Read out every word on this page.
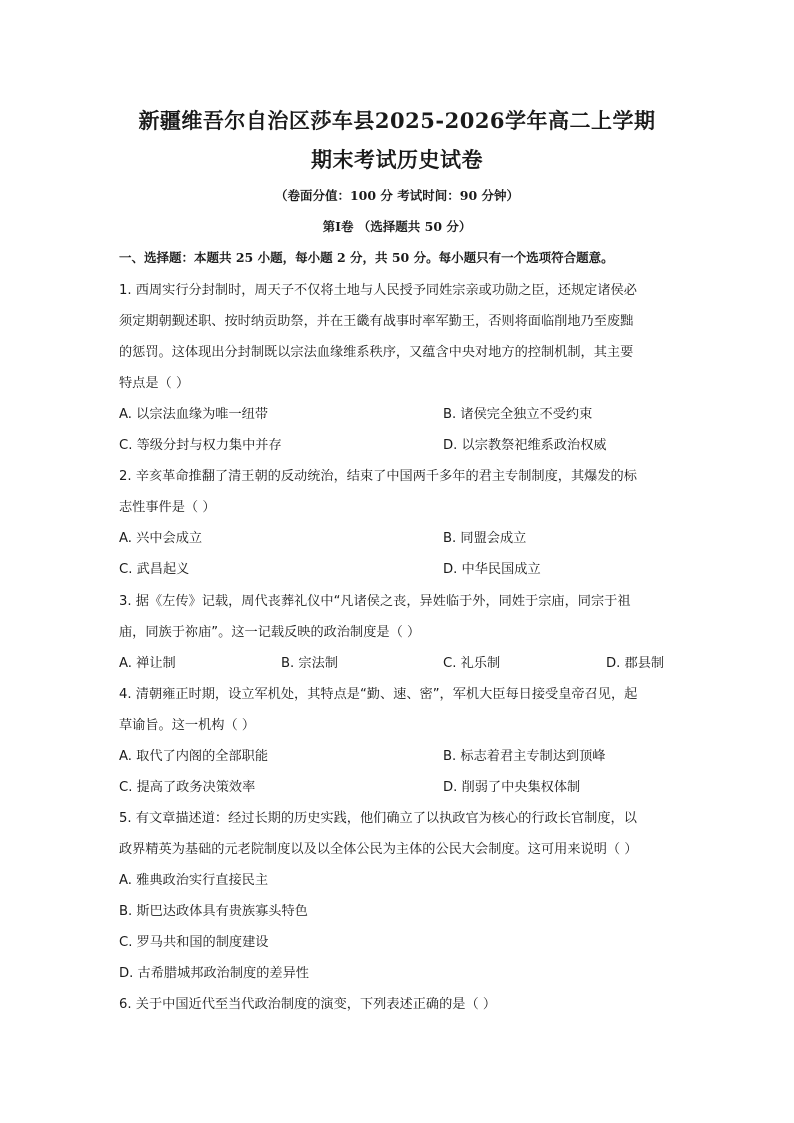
新疆维吾尔自治区莎车县2025-2026学年高二上学期
期末考试历史试卷
（卷面分值：100 分 考试时间：90 分钟）
第Ⅰ卷 （选择题共 50 分）
一、选择题：本题共 25 小题，每小题 2 分，共 50 分。每小题只有一个选项符合题意。
1. 西周实行分封制时，周天子不仅将土地与人民授予同姓宗亲或功勋之臣，还规定诸侯必
须定期朝觐述职、按时纳贡助祭，并在王畿有战事时率军勤王，否则将面临削地乃至废黜
的惩罚。这体现出分封制既以宗法血缘维系秩序，又蕴含中央对地方的控制机制，其主要
特点是（ ）
A. 以宗法血缘为唯一纽带	B. 诸侯完全独立不受约束
C. 等级分封与权力集中并存	D. 以宗教祭祀维系政治权威
2. 辛亥革命推翻了清王朝的反动统治，结束了中国两千多年的君主专制制度，其爆发的标
志性事件是（ ）
A. 兴中会成立	B. 同盟会成立
C. 武昌起义	D. 中华民国成立
3. 据《左传》记载，周代丧葬礼仪中“凡诸侯之丧，异姓临于外，同姓于宗庙，同宗于祖
庙，同族于祢庙”。这一记载反映的政治制度是（ ）
A. 禅让制	B. 宗法制	C. 礼乐制	D. 郡县制
4. 清朝雍正时期，设立军机处，其特点是“勤、速、密”，军机大臣每日接受皇帝召见，起
草谕旨。这一机构（ ）
A. 取代了内阁的全部职能	B. 标志着君主专制达到顶峰
C. 提高了政务决策效率	D. 削弱了中央集权体制
5. 有文章描述道：经过长期的历史实践，他们确立了以执政官为核心的行政长官制度，以
政界精英为基础的元老院制度以及以全体公民为主体的公民大会制度。这可用来说明（ ）
A. 雅典政治实行直接民主
B. 斯巴达政体具有贵族寡头特色
C. 罗马共和国的制度建设
D. 古希腊城邦政治制度的差异性
6. 关于中国近代至当代政治制度的演变，下列表述正确的是（ ）
